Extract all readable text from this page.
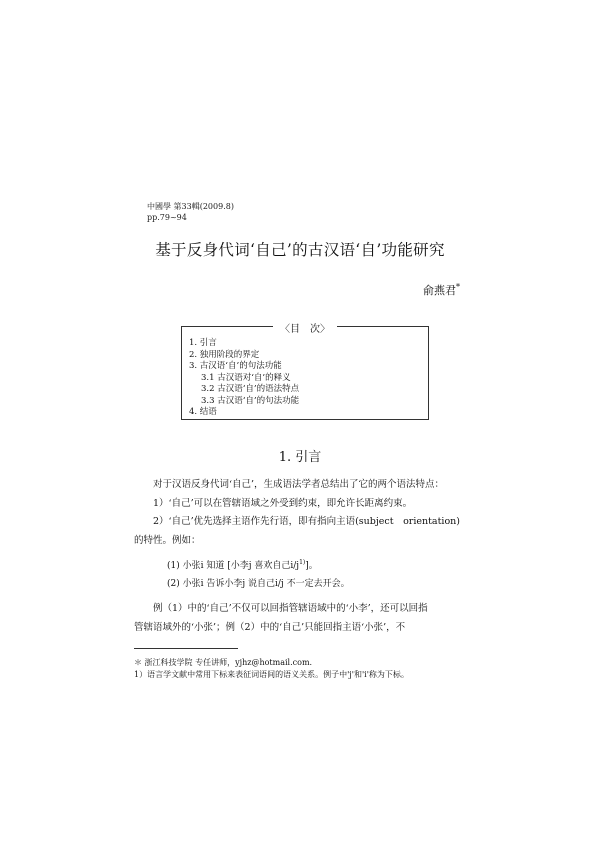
中國學 第33輯(2009.8)
pp.79~94
基于反身代词‘自己’的古汉语‘自’功能研究
俞燕君*
〈目　次〉
1. 引言
2. 独用阶段的界定
3. 古汉语‘自’的句法功能
3.1 古汉语对‘自’的释义
3.2 古汉语‘自’的语法特点
3.3 古汉语‘自’的句法功能
4. 结语
1. 引言
对于汉语反身代词‘自己’，生成语法学者总结出了它的两个语法特点：
1）‘自己’可以在管辖语域之外受到约束，即允许长距离约束。
2）‘自己’优先选择主语作先行语，即有指向主语(subject　orientation)
的特性。例如：
(1) 小张i 知道 [小李j 喜欢自己$i/j^{1)}$]。
(2) 小张i 告诉小李j 说自己i/j 不一定去开会。
例（1）中的‘自己’不仅可以回指管辖语域中的‘小李’，还可以回指
管辖语域外的‘小张’；例（2）中的‘自己’只能回指主语‘小张’，不
＊ 浙江科技学院 专任讲师，yjhz@hotmail.com.
1）语言学文献中常用下标来表征词语间的语义关系。例子中'j'和'i'称为下标。
